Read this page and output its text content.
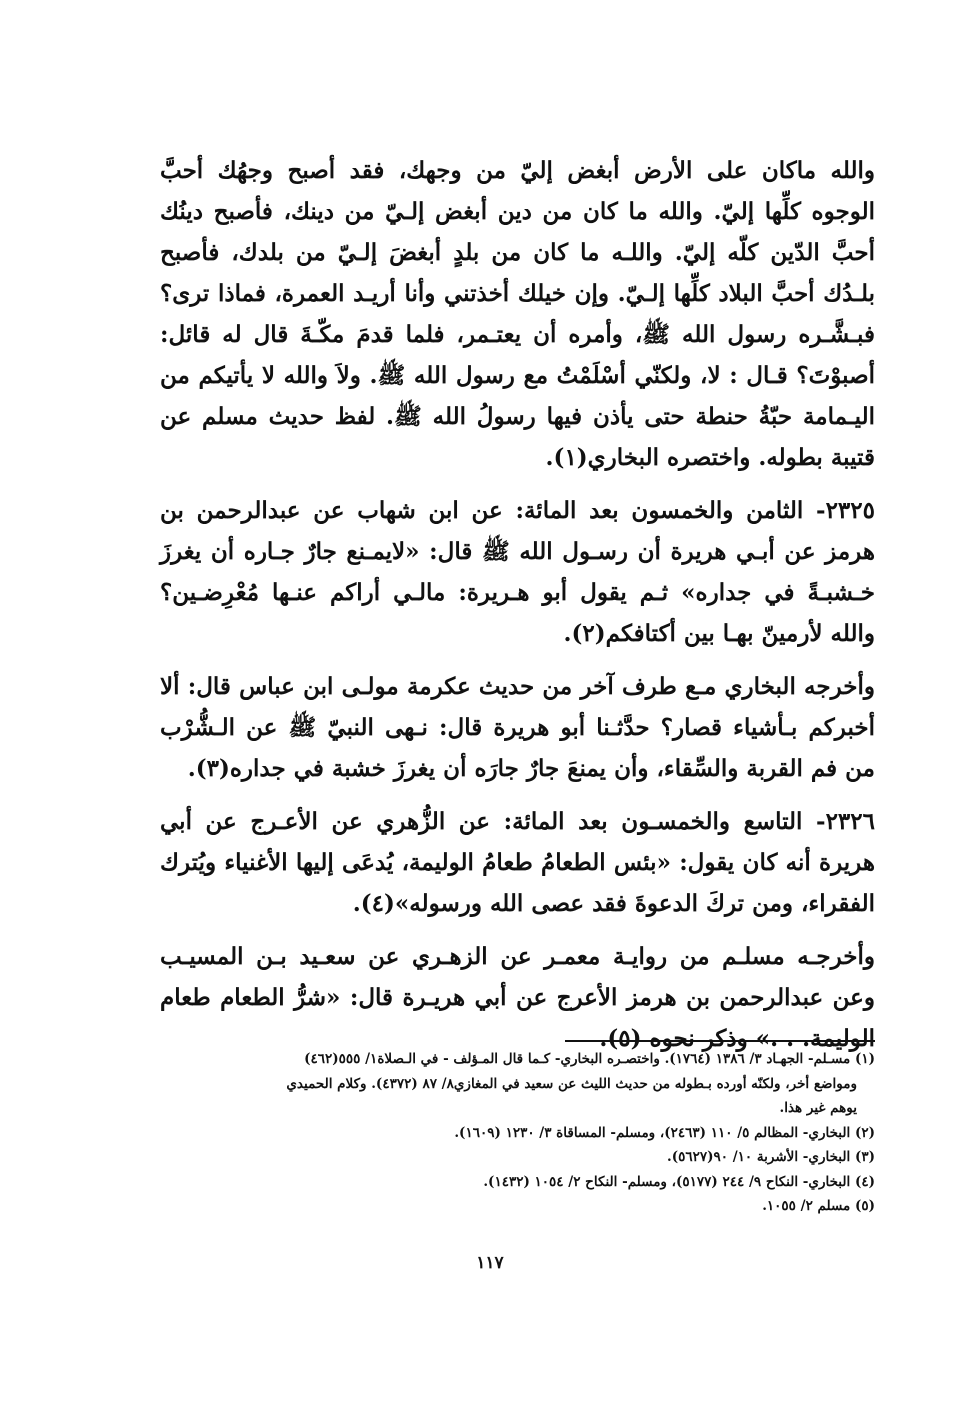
والله ماكان على الأرض أبغض إليّ من وجهك، فقد أصبح وجهُك أحبَّ الوجوه كلِّها إليّ. والله ما كان من دين أبغض إلـيّ من دينك، فأصبح دينُك أحبَّ الدّين كلّه إليّ. واللـه ما كان من بلدٍ أبغضَ إلـيّ من بلدك، فأصبح بلـدُك أحبَّ البلاد كلِّها إلـيّ. وإن خيلك أخذتني وأنا أريـد العمرة، فماذا ترى؟ فبـشَّـره رسول الله ﷺ، وأمره أن يعتـمر، فلما قدمَ مكّـةَ قال له قائل: أصبوْتَ؟ قـال : لا، ولكنّي أسْلَمْتُ مع رسول الله ﷺ. ولاَ والله لا يأتيكم من اليـمامة حبّةُ حنطة حتى يأذن فيها رسولُ الله ﷺ. لفظ حديث مسلم عن قتيبة بطوله. واختصره البخاري(١).

٢٣٢٥- الثامن والخمسون بعد المائة: عن ابن شهاب عن عبدالرحمن بن هرمز عن أبـي هريرة أن رسـول الله ﷺ قال: «لايمـنع جارٌ جـاره أن يغرزَ خـشبـةً في جداره» ثـم يقول أبو هـريرة: مالـي أراكم عنـها مُعْرِضـين؟ والله لأرمينّ بهـا بين أكتافكم(٢).

وأخرجه البخاري مـع طرف آخر من حديث عكرمة مولـى ابن عباس قال: ألا أخبركم بـأشياء قصار؟ حدَّثـنا أبو هريرة قال: نـهى النبيّ ﷺ عن الـشُّرْب من فم القربة والسِّقاء، وأن يمنعَ جارٌ جارَه أن يغرزَ خشبة في جداره(٣).

٢٣٢٦- التاسع والخمسـون بعد المائة: عن الزُّهري عن الأعـرج عن أبي هريرة أنه كان يقول: «بئس الطعامُ طعامُ الوليمة، يُدعَى إليها الأغنياء ويُترك الفقراء، ومن تركَ الدعوةَ فقد عصى الله ورسوله»(٤).

وأخرجـه مسلـم من روايـة معمـر عن الزهـري عن سعـيد بـن المسيـب وعن عبدالرحمن بن هرمز الأعرج عن أبي هريـرة قال: «شرُّ الطعام طعام الوليمة. . .» وذكر نحوه (٥).

(١) مسـلم- الجهـاد ٣/ ١٣٨٦ (١٧٦٤). واختصـره البخاري- كـما قال المـؤلف - في الـصلاة١/ ٥٥٥(٤٦٢)

ومواضع أخر، ولكنّه أورده بـطوله من حديث الليث عن سعيد في المغازي٨/ ٨٧ (٤٣٧٢). وكلام الحميدي

يوهم غير هذا.

(٢) البخاري- المظالم ٥/ ١١٠ (٢٤٦٣)، ومسلم- المساقاة ٣/ ١٢٣٠ (١٦٠٩).

(٣) البخاري- الأشربة ١٠/ ٩٠(٥٦٢٧).

(٤) البخاري- النكاح ٩/ ٢٤٤ (٥١٧٧)، ومسلم- النكاح ٢/ ١٠٥٤ (١٤٣٢).

(٥) مسلم ٢/ ١٠٥٥.

١١٧
